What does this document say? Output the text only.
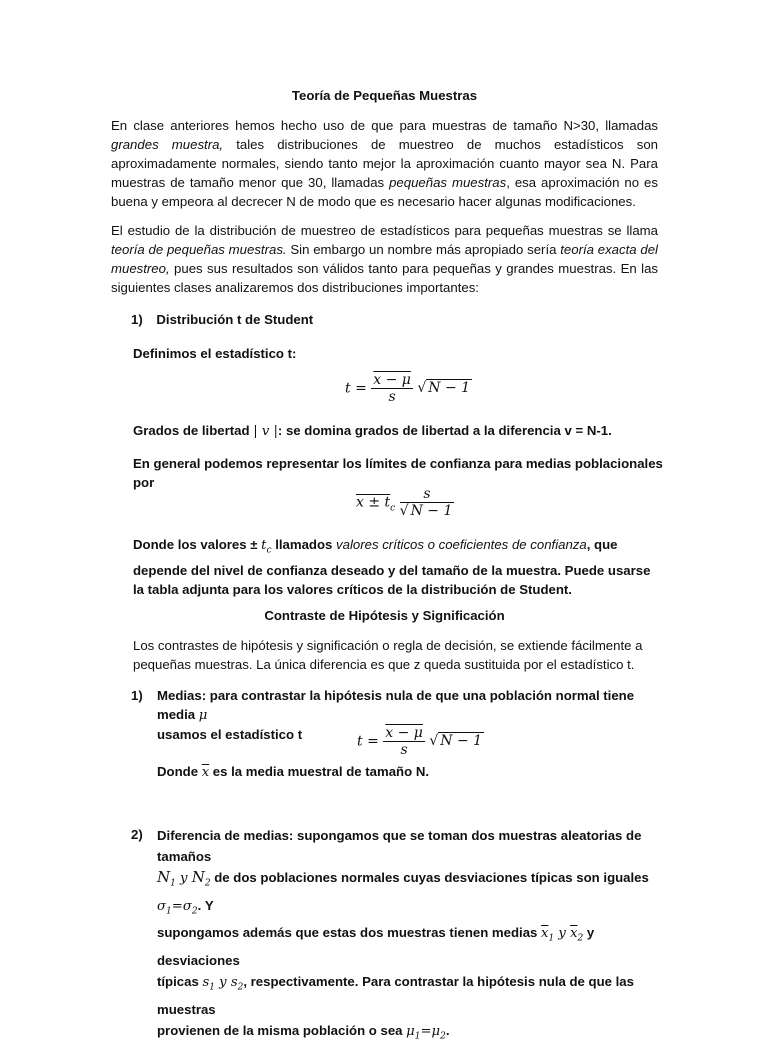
Teoría de Pequeñas Muestras

En clase anteriores hemos hecho uso de que para muestras de tamaño N>30, llamadas grandes muestra, tales distribuciones de muestreo de muchos estadísticos son aproximadamente normales, siendo tanto mejor la aproximación cuanto mayor sea N. Para muestras de tamaño menor que 30, llamadas pequeñas muestras, esa aproximación no es buena y empeora al decrecer N de modo que es necesario hacer algunas modificaciones.

El estudio de la distribución de muestreo de estadísticos para pequeñas muestras se llama teoría de pequeñas muestras. Sin embargo un nombre más apropiado sería teoría exacta del muestreo, pues sus resultados son válidos tanto para pequeñas y grandes muestras. En las siguientes clases analizaremos dos distribuciones importantes:

1) Distribución t de Student
Definimos el estadístico t:
$t = \frac{x - \mu}{s}$ √ N − 1
Grados de libertad | v |: se domina grados de libertad a la diferencia v = N-1.
En general podemos representar los límites de confianza para medias poblacionales por
$x \pm t_c \frac{s}{√ N - 1}$

Donde los valores ± $t_c$ llamados valores críticos o coeficientes de confianza, que depende del nivel de confianza deseado y del tamaño de la muestra. Puede usarse la tabla adjunta para los valores críticos de la distribución de Student.

Contraste de Hipótesis y Significación

Los contrastes de hipótesis y significación o regla de decisión, se extiende fácilmente a pequeñas muestras. La única diferencia es que z queda sustituida por el estadístico t.

1)	Medias: para contrastar la hipótesis nula de que una población normal tiene media μ
usamos el estadístico t	$t = \frac{x - \mu}{s}$ √ N − 1
Donde $\overline{x}$ es la media muestral de tamaño N.
2)	Diferencia de medias: supongamos que se toman dos muestras aleatorias de tamaños
$N_1$ y $N_2$ de dos poblaciones normales cuyas desviaciones típicas son iguales $\sigma_1=\sigma_2$. Y
supongamos además que estas dos muestras tienen medias $\overline{x}_1$ y $\overline{x}_2$ y desviaciones
típicas $s_1$ y $s_2$, respectivamente. Para contrastar la hipótesis nula de que las muestras
provienen de la misma población o sea $\mu_1=\mu_2$.
